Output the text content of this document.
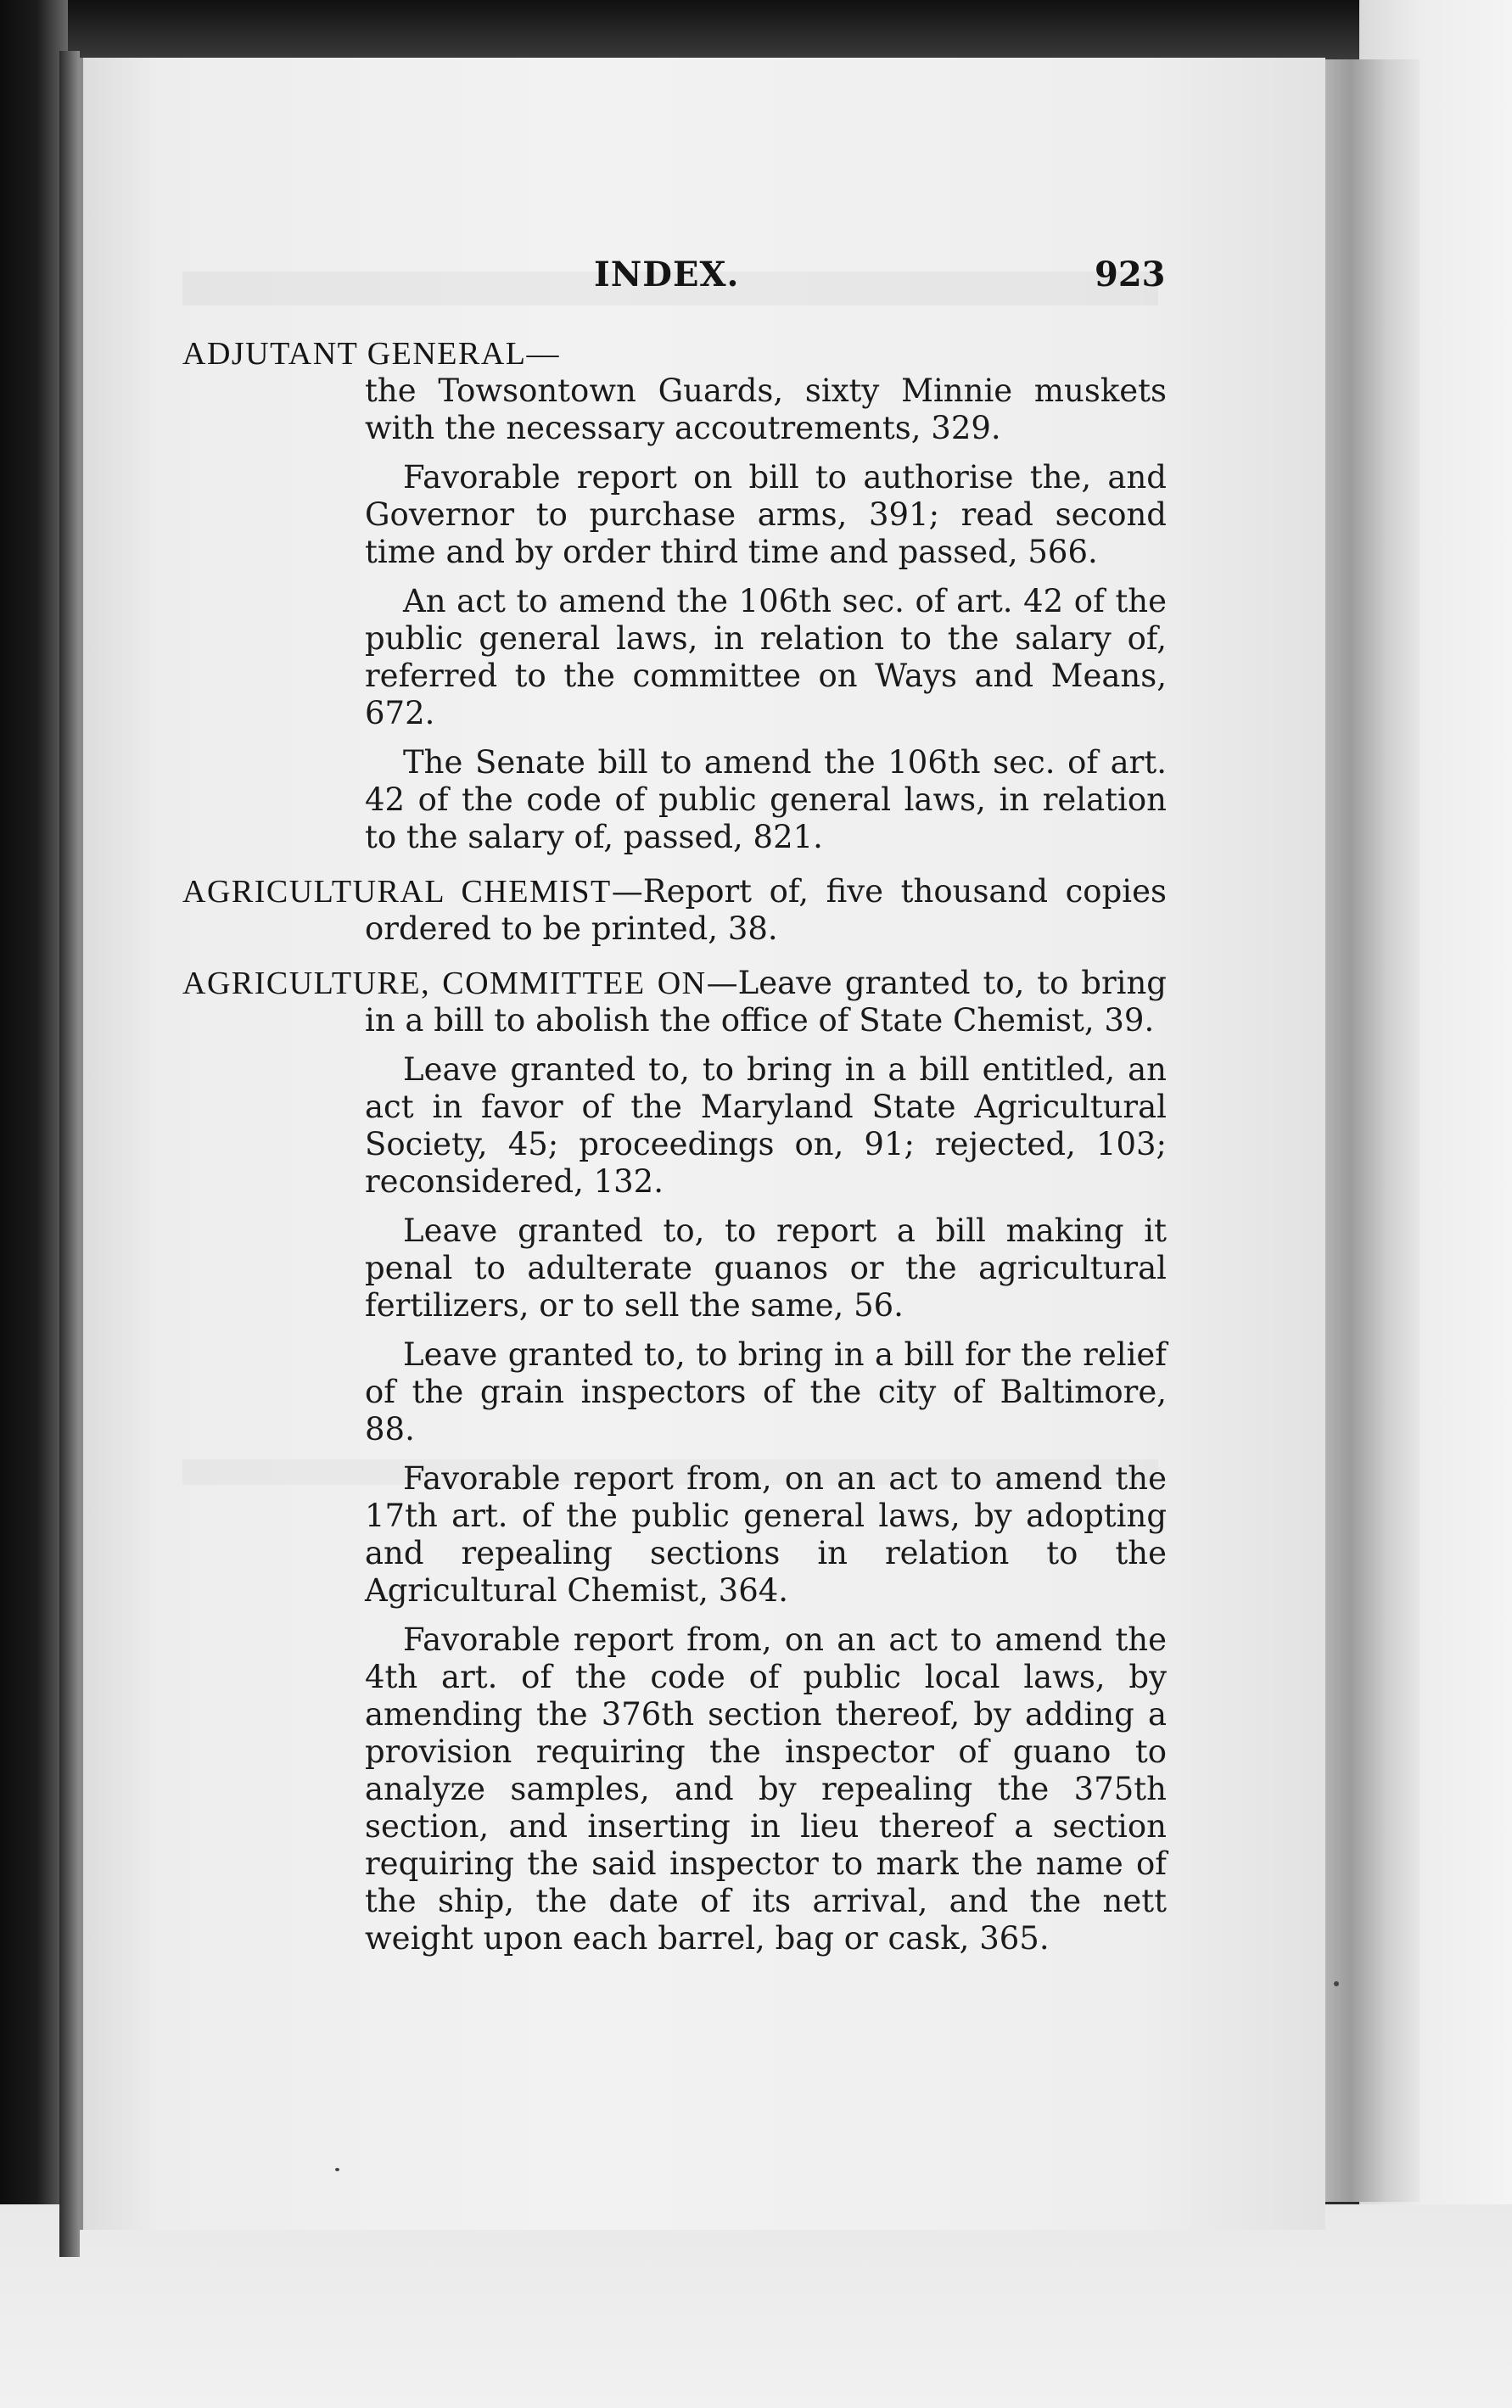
INDEX.	923

ADJUTANT GENERAL—

the Towsontown Guards, sixty Minnie muskets with the necessary accoutrements, 329.

Favorable report on bill to authorise the, and Governor to purchase arms, 391; read second time and by order third time and passed, 566.

An act to amend the 106th sec. of art. 42 of the public general laws, in relation to the salary of, referred to the committee on Ways and Means, 672.

The Senate bill to amend the 106th sec. of art. 42 of the code of public general laws, in relation to the salary of, passed, 821.

AGRICULTURAL CHEMIST—Report of, five thousand copies ordered to be printed, 38.

AGRICULTURE, COMMITTEE ON—Leave granted to, to bring in a bill to abolish the office of State Chemist, 39.

Leave granted to, to bring in a bill entitled, an act in favor of the Maryland State Agricultural Society, 45; proceedings on, 91; rejected, 103; reconsidered, 132.

Leave granted to, to report a bill making it penal to adulterate guanos or the agricultural fertilizers, or to sell the same, 56.

Leave granted to, to bring in a bill for the relief of the grain inspectors of the city of Baltimore, 88.

Favorable report from, on an act to amend the 17th art. of the public general laws, by adopting and repealing sections in relation to the Agricultural Chemist, 364.

Favorable report from, on an act to amend the 4th art. of the code of public local laws, by amending the 376th section thereof, by adding a provision requiring the inspector of guano to analyze samples, and by repealing the 375th section, and inserting in lieu thereof a section requiring the said inspector to mark the name of the ship, the date of its arrival, and the nett weight upon each barrel, bag or cask, 365.
